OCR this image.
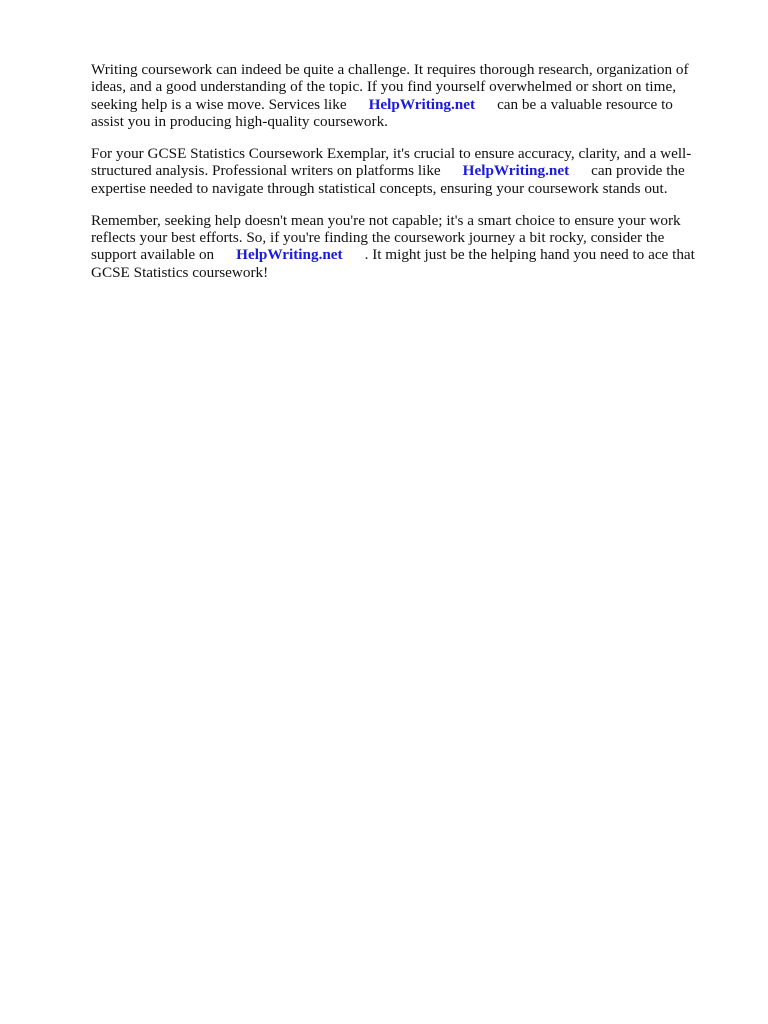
Writing coursework can indeed be quite a challenge. It requires thorough research, organization of
ideas, and a good understanding of the topic. If you find yourself overwhelmed or short on time,
seeking help is a wise move. Services like HelpWriting.net can be a valuable resource to
assist you in producing high-quality coursework.

For your GCSE Statistics Coursework Exemplar, it's crucial to ensure accuracy, clarity, and a well-
structured analysis. Professional writers on platforms like HelpWriting.net can provide the
expertise needed to navigate through statistical concepts, ensuring your coursework stands out.

Remember, seeking help doesn't mean you're not capable; it's a smart choice to ensure your work
reflects your best efforts. So, if you're finding the coursework journey a bit rocky, consider the
support available on HelpWriting.net . It might just be the helping hand you need to ace that
GCSE Statistics coursework!
